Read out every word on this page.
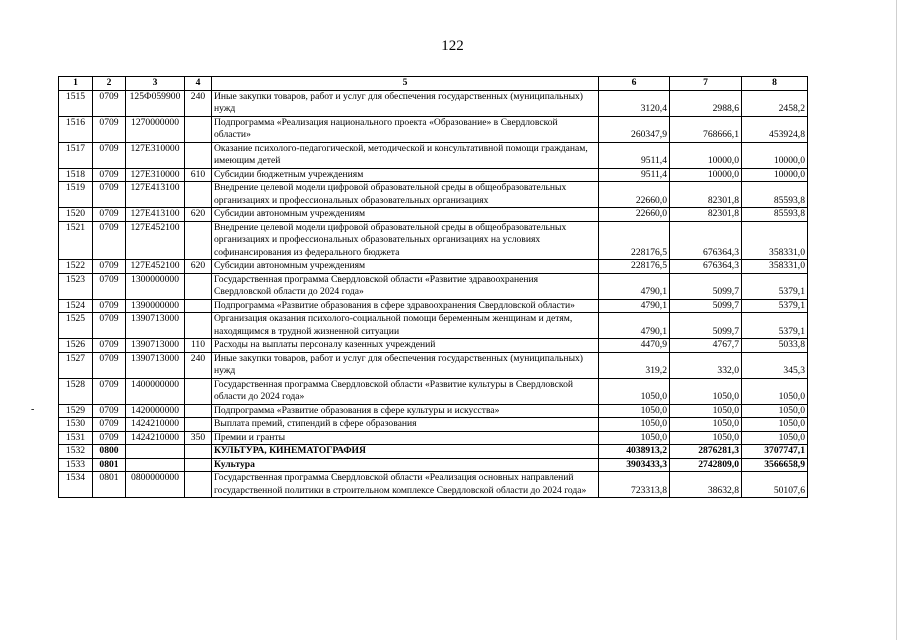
122
-
1	2	3	4	5	6	7	8
1515	0709	125Ф059900	240	Иные закупки товаров, работ и услуг для обеспечения государственных (муниципальных) нужд	3120,4	2988,6	2458,2
1516	0709	1270000000		Подпрограмма «Реализация национального проекта «Образование» в Свердловской области»	260347,9	768666,1	453924,8
1517	0709	127Е310000		Оказание психолого-педагогической, методической и консультативной помощи гражданам, имеющим детей	9511,4	10000,0	10000,0
1518	0709	127Е310000	610	Субсидии бюджетным учреждениям	9511,4	10000,0	10000,0
1519	0709	127Е413100		Внедрение целевой модели цифровой образовательной среды в общеобразовательных организациях и профессиональных образовательных организациях	22660,0	82301,8	85593,8
1520	0709	127Е413100	620	Субсидии автономным учреждениям	22660,0	82301,8	85593,8
1521	0709	127Е452100		Внедрение целевой модели цифровой образовательной среды в общеобразовательных организациях и профессиональных образовательных организациях на условиях софинансирования из федерального бюджета	228176,5	676364,3	358331,0
1522	0709	127Е452100	620	Субсидии автономным учреждениям	228176,5	676364,3	358331,0
1523	0709	1300000000		Государственная программа Свердловской области «Развитие здравоохранения Свердловской области до 2024 года»	4790,1	5099,7	5379,1
1524	0709	1390000000		Подпрограмма «Развитие образования в сфере здравоохранения Свердловской области»	4790,1	5099,7	5379,1
1525	0709	1390713000		Организация оказания психолого-социальной помощи беременным женщинам и детям, находящимся в трудной жизненной ситуации	4790,1	5099,7	5379,1
1526	0709	1390713000	110	Расходы на выплаты персоналу казенных учреждений	4470,9	4767,7	5033,8
1527	0709	1390713000	240	Иные закупки товаров, работ и услуг для обеспечения государственных (муниципальных) нужд	319,2	332,0	345,3
1528	0709	1400000000		Государственная программа Свердловской области «Развитие культуры в Свердловской области до 2024 года»	1050,0	1050,0	1050,0
1529	0709	1420000000		Подпрограмма «Развитие образования в сфере культуры и искусства»	1050,0	1050,0	1050,0
1530	0709	1424210000		Выплата премий, стипендий в сфере образования	1050,0	1050,0	1050,0
1531	0709	1424210000	350	Премии и гранты	1050,0	1050,0	1050,0
1532	0800			КУЛЬТУРА, КИНЕМАТОГРАФИЯ	4038913,2	2876281,3	3707747,1
1533	0801			Культура	3903433,3	2742809,0	3566658,9
1534	0801	0800000000		Государственная программа Свердловской области «Реализация основных направлений государственной политики в строительном комплексе Свердловской области до 2024 года»	723313,8	38632,8	50107,6
